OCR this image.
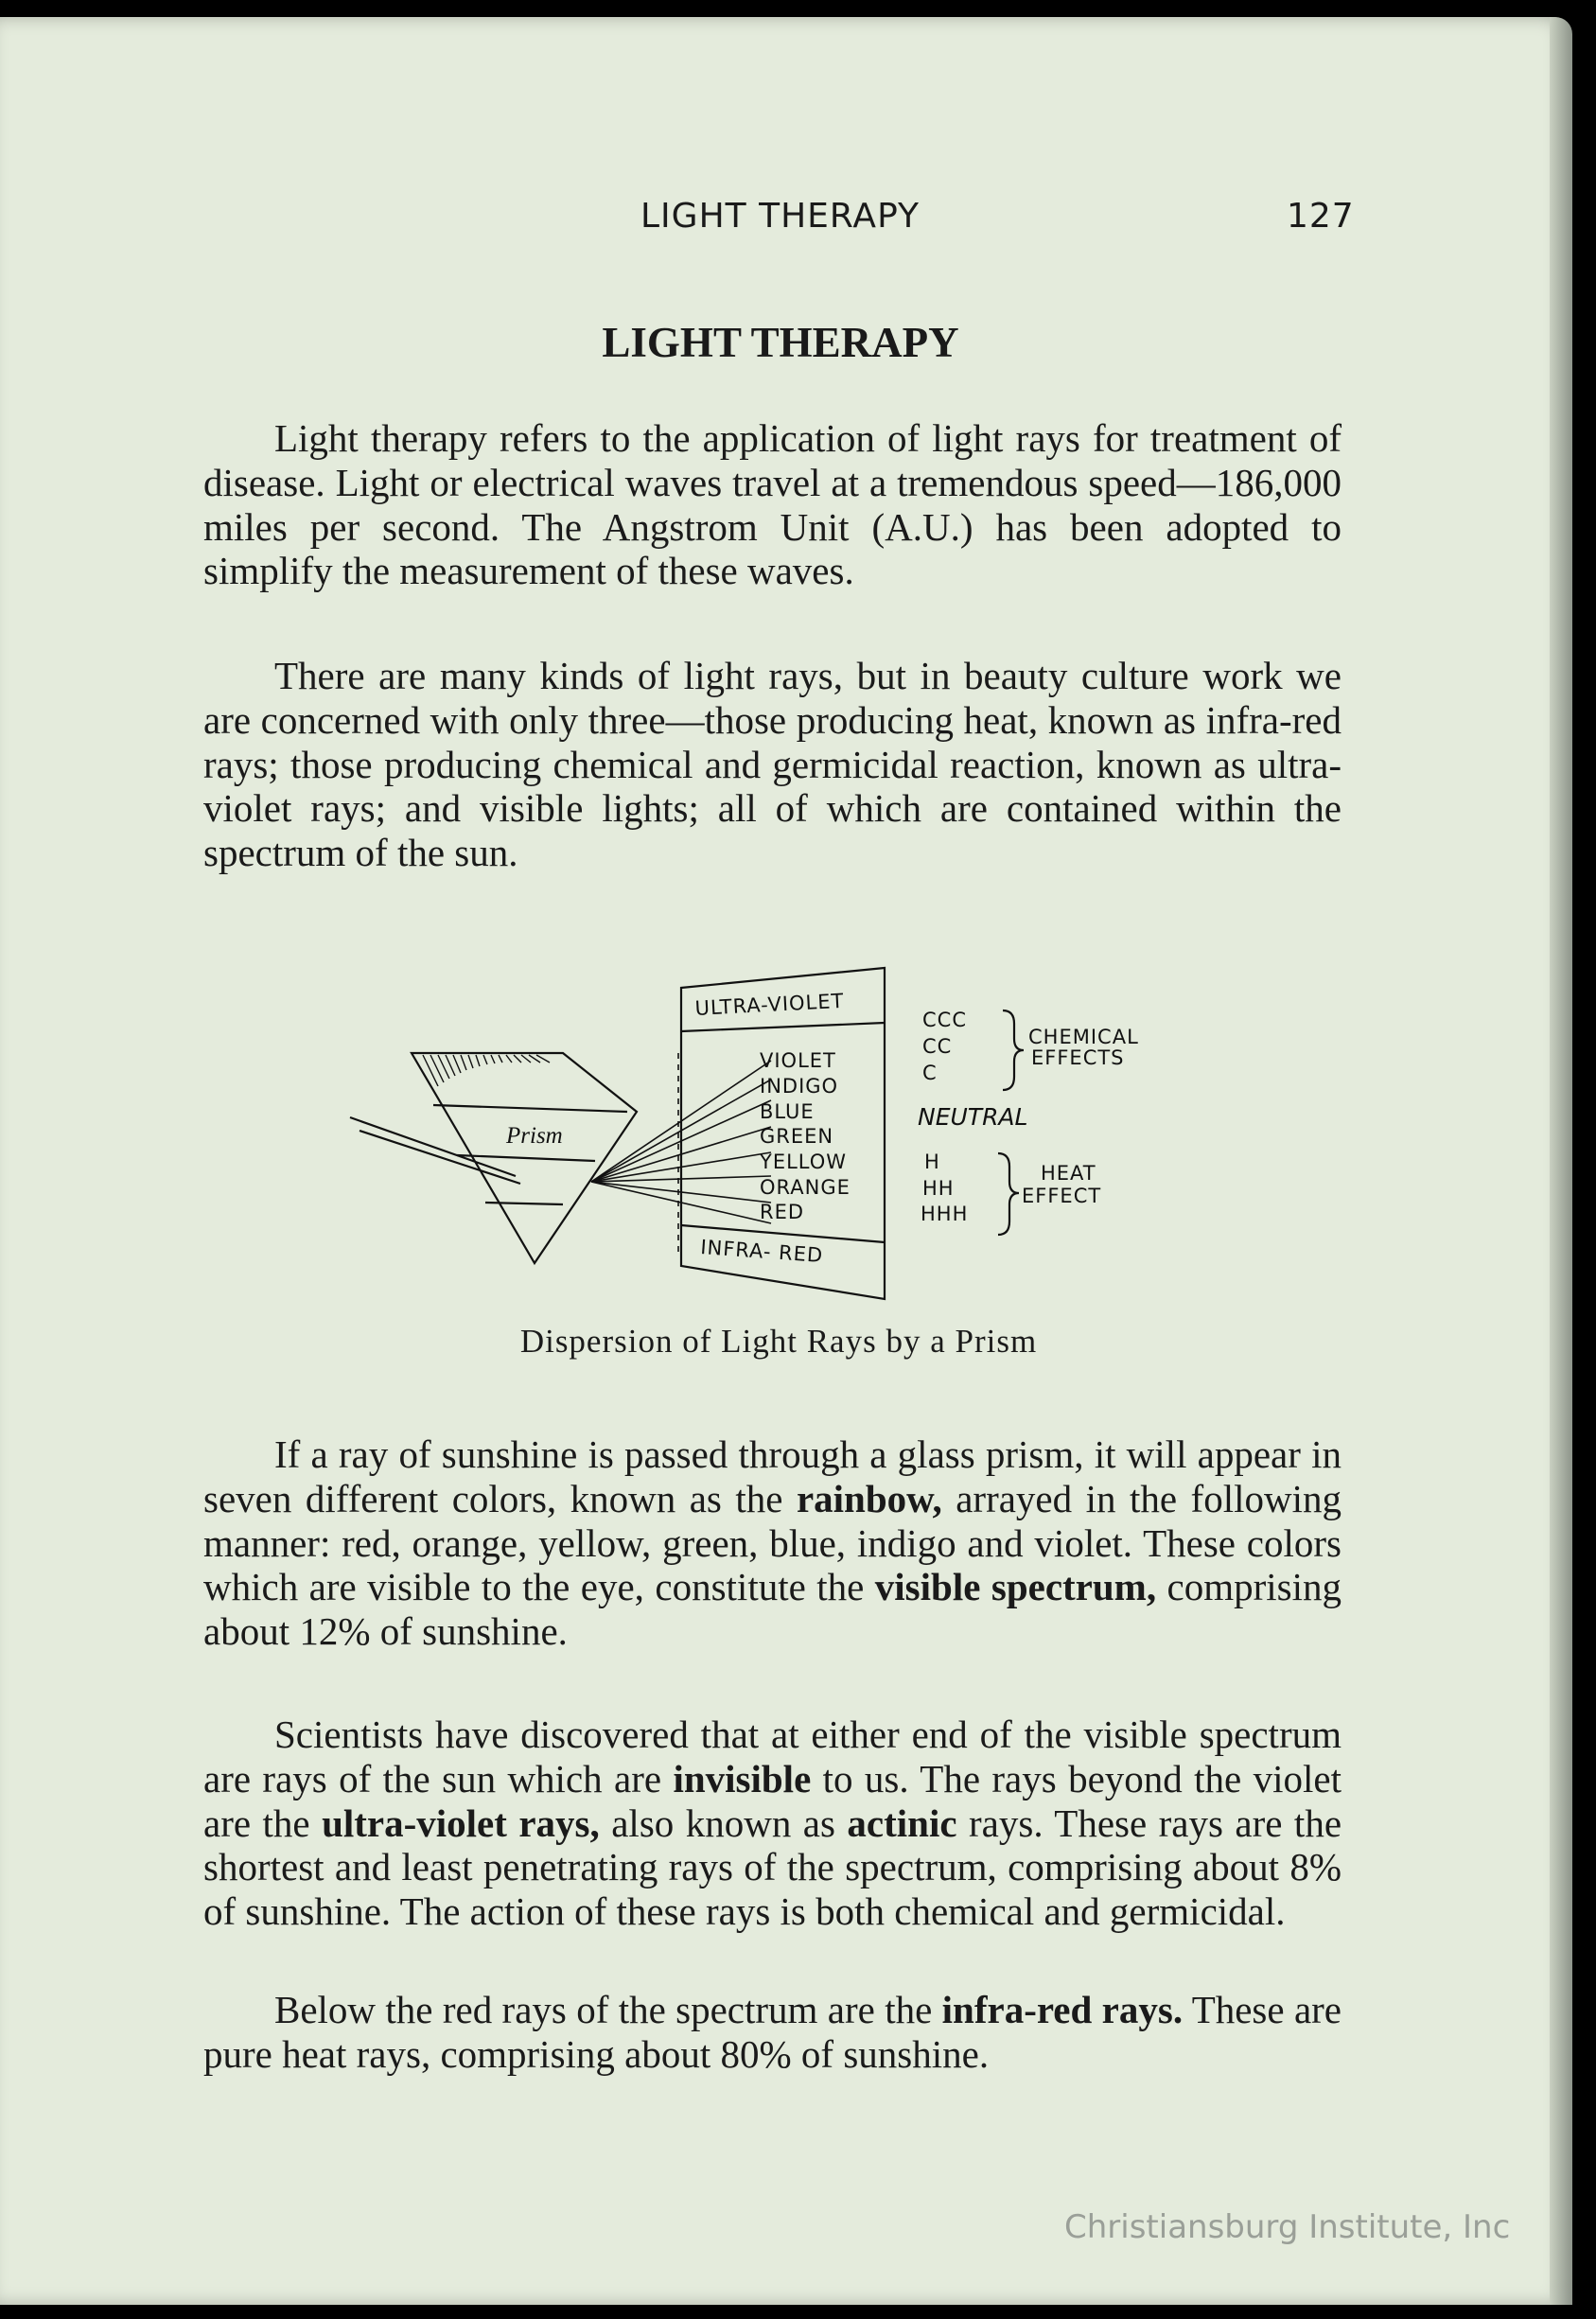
LIGHT THERAPY	127
LIGHT THERAPY

Light therapy refers to the application of light rays for treatment of disease. Light or electrical waves travel at a tremendous speed—186,000 miles per second. The Angstrom Unit (A.U.) has been adopted to simplify the measurement of these waves.

There are many kinds of light rays, but in beauty culture work we are concerned with only three—those producing heat, known as infra-red rays; those producing chemical and germicidal reaction, known as ultra-violet rays; and visible lights; all of which are contained within the spectrum of the sun.

Prism
ULTRA-VIOLET
VIOLET
INDIGO
BLUE
GREEN
YELLOW
ORANGE
RED
INFRA- RED
CCC
CC
C
CHEMICAL
EFFECTS
NEUTRAL
H
HH
HHH
HEAT
EFFECT
Dispersion of Light Rays by a Prism

If a ray of sunshine is passed through a glass prism, it will appear in seven different colors, known as the rainbow, arrayed in the following manner: red, orange, yellow, green, blue, indigo and violet. These colors which are visible to the eye, constitute the visible spectrum, comprising about 12% of sunshine.

Scientists have discovered that at either end of the visible spectrum are rays of the sun which are invisible to us. The rays beyond the violet are the ultra-violet rays, also known as actinic rays. These rays are the shortest and least penetrating rays of the spectrum, comprising about 8% of sunshine. The action of these rays is both chemical and germicidal.

Below the red rays of the spectrum are the infra-red rays. These are pure heat rays, comprising about 80% of sunshine.

Christiansburg Institute, Inc
